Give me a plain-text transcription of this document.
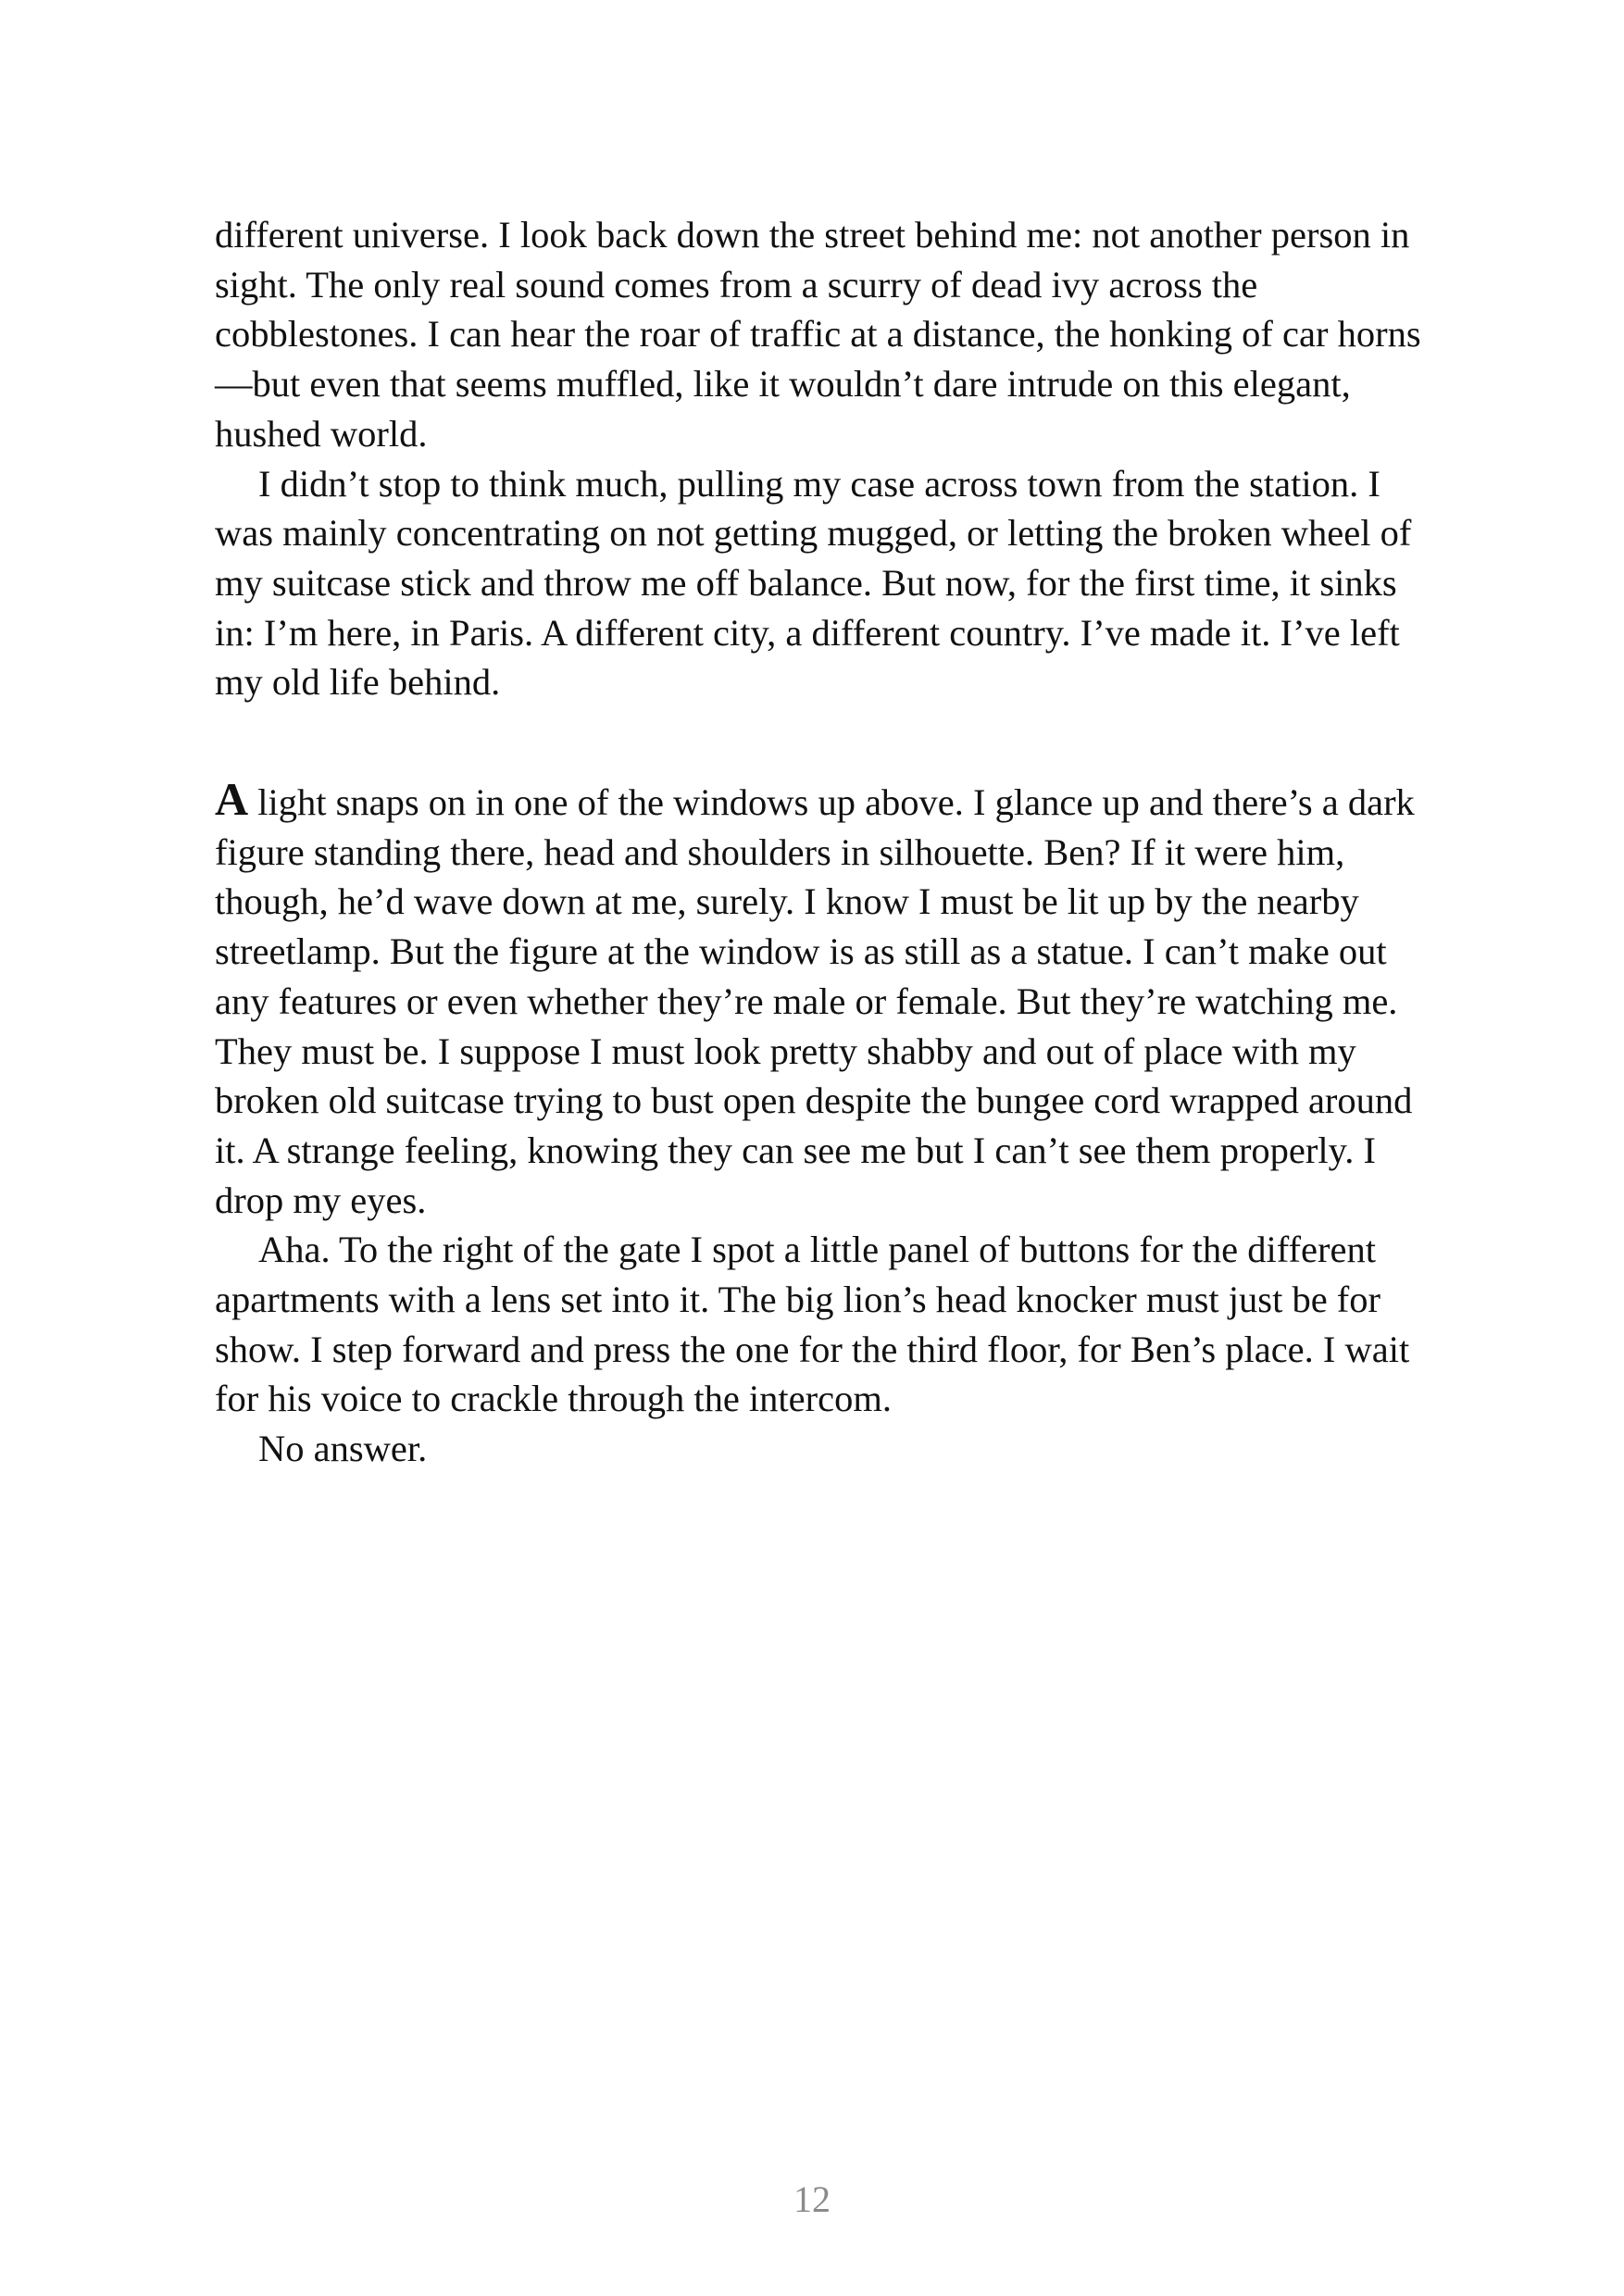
different universe. I look back down the street behind me: not another person in sight. The only real sound comes from a scurry of dead ivy across the cobblestones. I can hear the roar of traffic at a distance, the honking of car horns—but even that seems muffled, like it wouldn’t dare intrude on this elegant, hushed world.

I didn’t stop to think much, pulling my case across town from the station. I was mainly concentrating on not getting mugged, or letting the broken wheel of my suitcase stick and throw me off balance. But now, for the first time, it sinks in: I’m here, in Paris. A different city, a different country. I’ve made it. I’ve left my old life behind.

A light snaps on in one of the windows up above. I glance up and there’s a dark figure standing there, head and shoulders in silhouette. Ben? If it were him, though, he’d wave down at me, surely. I know I must be lit up by the nearby streetlamp. But the figure at the window is as still as a statue. I can’t make out any features or even whether they’re male or female. But they’re watching me. They must be. I suppose I must look pretty shabby and out of place with my broken old suitcase trying to bust open despite the bungee cord wrapped around it. A strange feeling, knowing they can see me but I can’t see them properly. I drop my eyes.

Aha. To the right of the gate I spot a little panel of buttons for the different apartments with a lens set into it. The big lion’s head knocker must just be for show. I step forward and press the one for the third floor, for Ben’s place. I wait for his voice to crackle through the intercom.

No answer.

12
